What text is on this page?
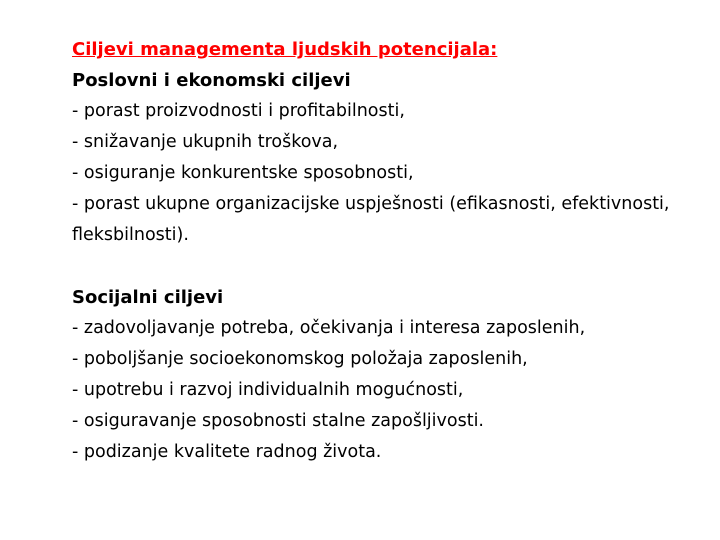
Ciljevi managementa ljudskih potencijala:
Poslovni i ekonomski ciljevi
- porast proizvodnosti i profitabilnosti,
- snižavanje ukupnih troškova,
- osiguranje konkurentske sposobnosti,
- porast ukupne organizacijske uspješnosti (efikasnosti, efektivnosti, fleksbilnosti).
Socijalni ciljevi
- zadovoljavanje potreba, očekivanja i interesa zaposlenih,
- poboljšanje socioekonomskog položaja zaposlenih,
- upotrebu i razvoj individualnih mogućnosti,
- osiguravanje sposobnosti stalne zapošljivosti.
- podizanje kvalitete radnog života.
